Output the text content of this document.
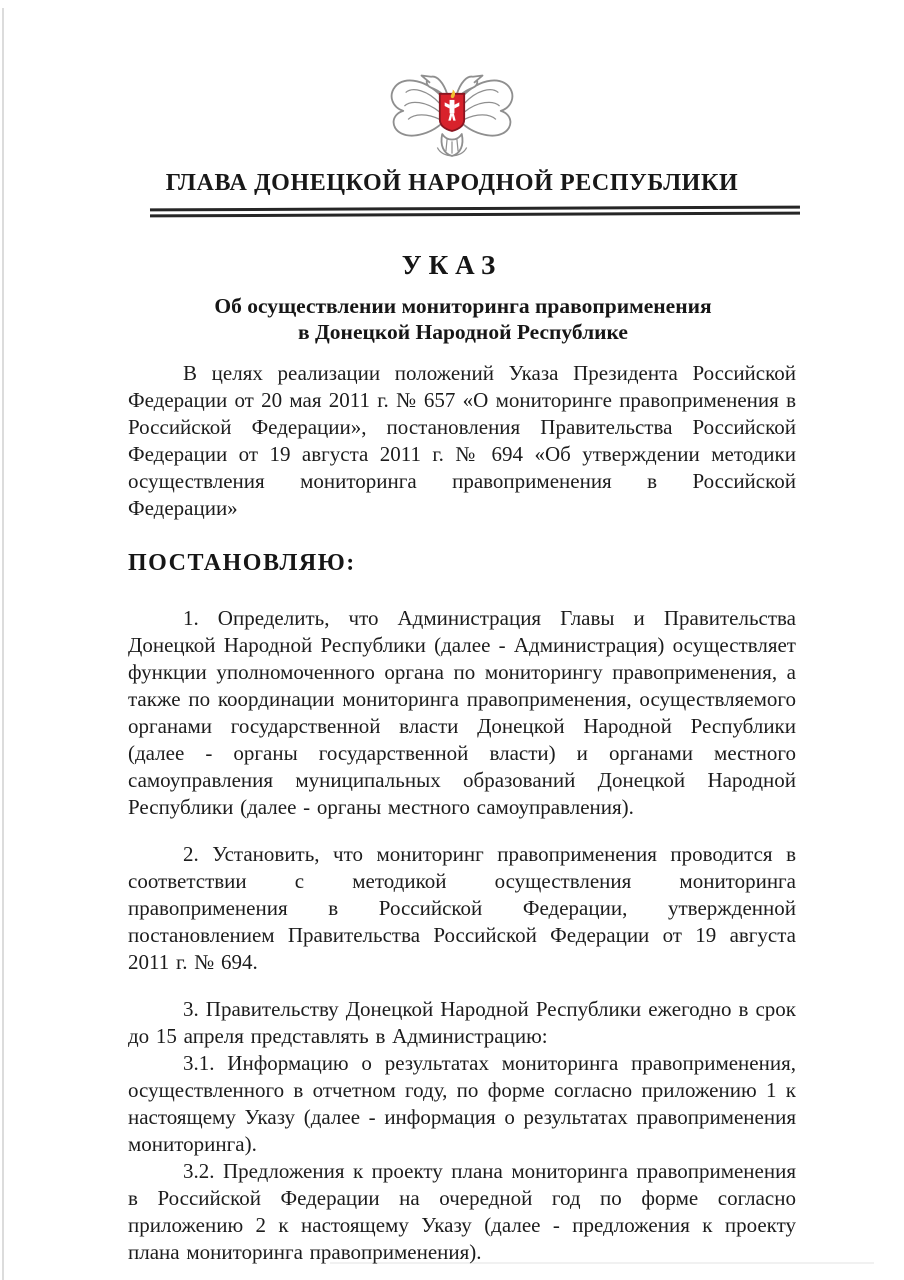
ГЛАВА ДОНЕЦКОЙ НАРОДНОЙ РЕСПУБЛИКИ
УКАЗ
Об осуществлении мониторинга правоприменения
в Донецкой Народной Республике

В целях реализации положений Указа Президента Российской Федерации от 20 мая 2011 г. № 657 «О мониторинге правоприменения в Российской Федерации», постановления Правительства Российской Федерации от 19 августа 2011 г. № 694 «Об утверждении методики осуществления мониторинга правоприменения в Российской Федерации»

ПОСТАНОВЛЯЮ:

1. Определить, что Администрация Главы и Правительства Донецкой Народной Республики (далее - Администрация) осуществляет функции уполномоченного органа по мониторингу правоприменения, а также по координации мониторинга правоприменения, осуществляемого органами государственной власти Донецкой Народной Республики (далее - органы государственной власти) и органами местного самоуправления муниципальных образований Донецкой Народной Республики (далее - органы местного самоуправления).

2. Установить, что мониторинг правоприменения проводится в соответствии с методикой осуществления мониторинга правоприменения в Российской Федерации, утвержденной постановлением Правительства Российской Федерации от 19 августа 2011 г. № 694.

3. Правительству Донецкой Народной Республики ежегодно в срок до 15 апреля представлять в Администрацию:

3.1. Информацию о результатах мониторинга правоприменения, осуществленного в отчетном году, по форме согласно приложению 1 к настоящему Указу (далее - информация о результатах правоприменения мониторинга).

3.2. Предложения к проекту плана мониторинга правоприменения в Российской Федерации на очередной год по форме согласно приложению 2 к настоящему Указу (далее - предложения к проекту плана мониторинга правоприменения).
